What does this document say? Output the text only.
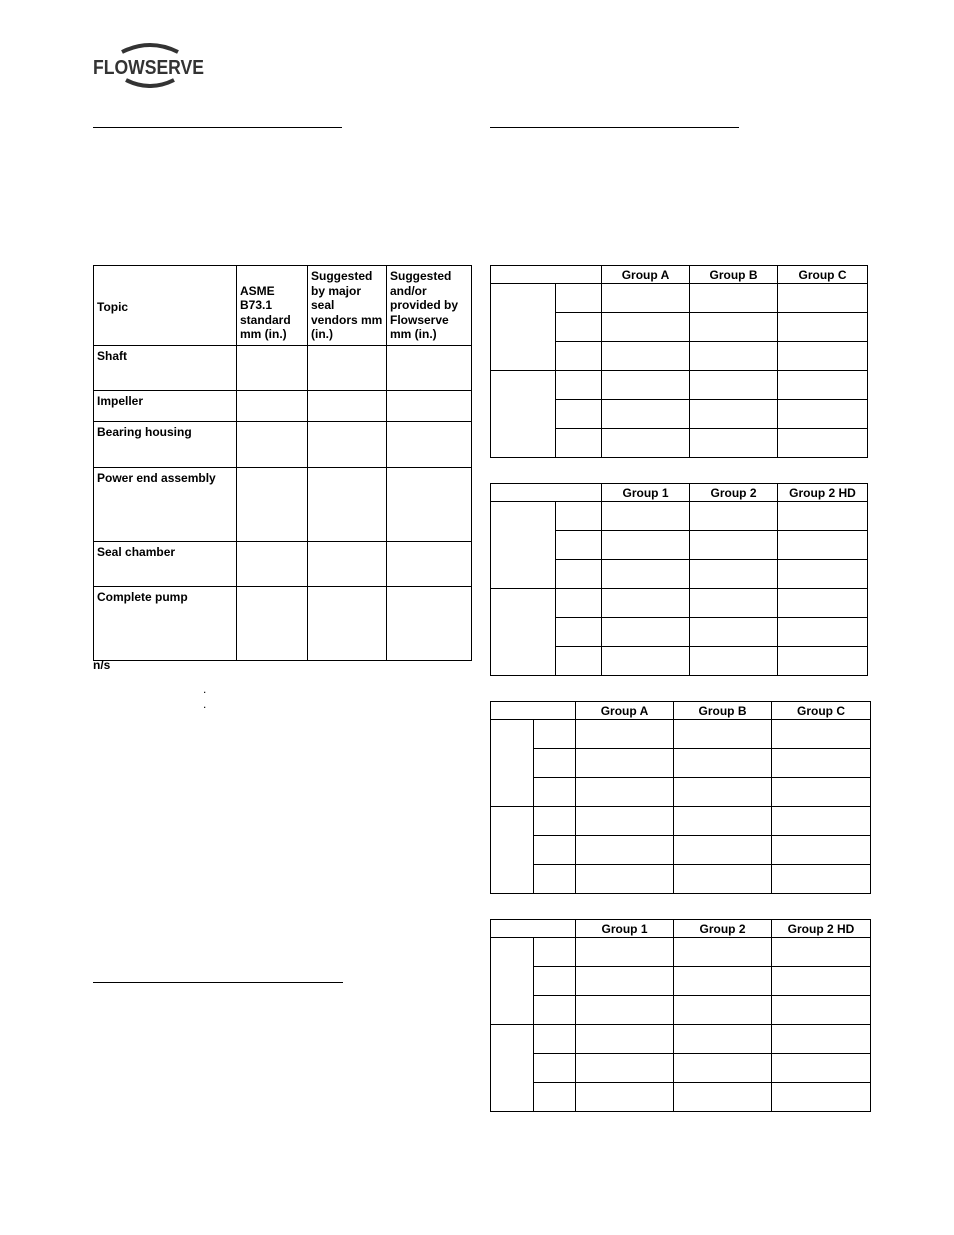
FLOWSERVE
Topic	ASME B73.1 standard mm (in.)	Suggested by major seal vendors mm (in.)	Suggested and/or provided by Flowserve mm (in.)
Shaft			
Impeller			
Bearing housing			
Power end assembly			
Seal chamber			
Complete pump			
n/s
.
.
		Group A	Group B	Group C

		Group 1	Group 2	Group 2 HD

		Group A	Group B	Group C

		Group 1	Group 2	Group 2 HD
